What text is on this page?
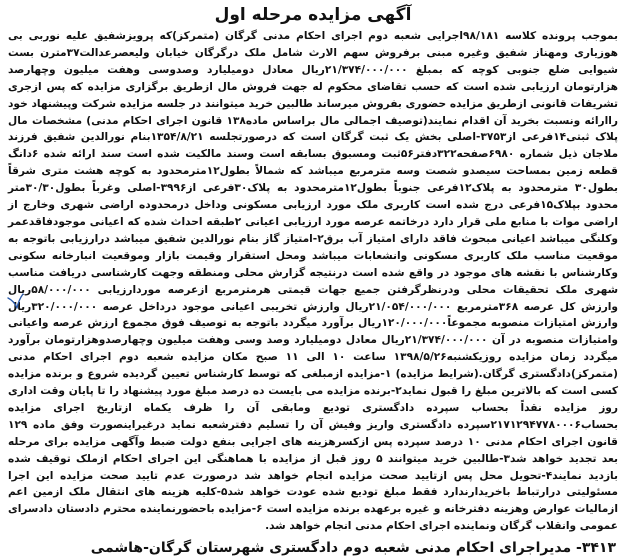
آگهی مزایده مرحله اول

بموجب پرونده کلاسه ۹۸/۱۸۱اجرایی شعبه دوم اجرای احکام مدنی گرگان (متمرکز)که پرویزشفیق علیه نوربی بی هوزیاری ومهناز شفیق وغیره مبنی برفروش سهم الارث شامل ملک درگرگان خیابان ولیعصرعدالت۳۷مترن بست شیوایی ضلع جنوبی کوچه که بمبلغ ۲۱/۳۷۴/۰۰۰/۰۰۰ریال معادل دومیلیارد وصدوسی وهفت میلیون وچهارصد هزارتومان ارزیابی شده است که حسب تقاضای محکوم له جهت فروش مال ازطریق برگزاری مزایده که پس ازجری تشریفات قانونی ازطریق مزایده حضوری بفروش میرساند طالبین خرید میتوانند در جلسه مزایده شرکت وپیشنهاد خود راارائه ونسبت بخرید آن اقدام نمایند(توصیف اجمالی مال براساس ماده۱۳۸ قانون اجرای احکام مدنی) مشخصات مال پلاک ثبتی۱۴فرعی از۳۷۵۳-اصلی بخش یک ثبت گرگان است که درصورتجلسه ۱۳۵۴/۸/۲۱بنام نورالدین شفیق فرزند ملاجان ذیل شماره ۶۹۸۰صفحه۳۲۲دفتر۵۶ثبت ومسبوق بسابقه است وسند مالکیت شده است سند ارائه شده ۶دانگ قطعه زمین بمساحت سیصدو شصت وسه مترمربع میباشد که شمالاً بطول۱۲مترمحدود به کوچه هشت متری شرقاً بطول۳۰ مترمحدود به پلاک۱۲فرعی جنوباً بطول۱۲مترمحدود به پلاک۳۰فرعی از۳۹۹۶-اصلی وغرباً بطول۳۰/۳۰متر محدود بپلاک۱۵فرعی درج شده است کاربری ملک مورد ارزیابی مسکونی وداخل درمحدوده اراضی شهری وخارج از اراضی موات با منابع ملی قرار دارد درخاتمه عرصه مورد ارزیابی اعیانی ۲طبقه احداث شده که اعیانی موجودفاقدعمر وکلنگی میباشد اعیانی مبحوث فاقد دارای امتیاز آب برق۲-امتیاز گاز بنام نورالدین شفیق میباشد درارزیابی باتوجه به موقعیت مناسب ملک کاربری مسکونی وانشعابات میباشد ومحل استقرار وقیمت بازار وموقعیت انبارخانه سکونی وکارشناس با نقشه های موجود در واقع شده است درنتیجه گزارش محلی ومنطقه وجهت کارشناسی دریافت مناسب شهری ملک تحقیقات محلی ودرنظرگرفتن جمیع جهات قیمتی هرمترمربع ازعرصه موردارزیابی ۵۸/۰۰۰/۰۰۰ریال وارزش کل عرصه ۳۶۸مترمربع ۲۱/۰۵۴/۰۰۰/۰۰۰ریال وارزش تخریبی اعیانی موجود درداخل عرصه ۳۲۰/۰۰۰/۰۰۰ریال وارزش امتیازات منصوبه مجموعاً۱۲۰/۰۰۰/۰۰۰ریال برآورد میگردد باتوجه به توصیف فوق مجموع ارزش عرصه واعیانی وامتیازات منصوبه در آن ۲۱/۳۷۴/۰۰۰/۰۰۰ریال معادل دومیلیارد وصد وسی وهفت میلیون وچهارصدوهزارتومان برآورد میگردد زمان مزایده روزیکشنبه۱۳۹۸/۵/۲۶ ساعت ۱۰ الی ۱۱ صبح مکان مزایده شعبه دوم اجرای احکام مدنی (متمرکز)دادگستری گرگان.(شرایط مزایده) ۱-مزایده ازمبلغی که توسط کارشناس تعیین گردیده شروع و برنده مزایده کسی است که بالاترین مبلغ را قبول نماید۲-برنده مزایده می بایست ده درصد مبلغ مورد پیشنهاد را تا پایان وقت اداری روز مزایده نقداً بحساب سپرده دادگستری تودیع ومابقی آن را ظرف یکماه ازتاریخ اجرای مزایده بحساب۲۱۷۱۲۹۴۷۷۸۰۰۰۶سپرده دادگستری واریز وفیش آن را تسلیم دفترشعبه نماید درغیراینصورت وفق ماده ۱۲۹ قانون اجرای احکام مدنی ۱۰ درصد سپرده پس ازکسرهزینه های اجرایی بنفع دولت ضبط وآگهی مزایده برای مرحله بعد تجدید خواهد شد۳-طالبین خرید میتوانند ۵ روز قبل از مزایده با هماهنگی این اجرای احکام ازملک توقیف شده بازدید نمایند۴-تحویل محل پس ازتایید صحت مزایده انجام خواهد شد درصورت عدم تایید صحت مزایده این اجرا مسئولیتی درارتباط باخریدارندارد فقط مبلغ تودیع شده عودت خواهد شد۵-کلیه هزینه های انتقال ملک ازمین اعم ازمالیات عوارض وهزینه دفترخانه و غیره برعهده برنده مزایده است ۶-مزایده باحضورنماینده محترم دادستان دادسرای عمومی وانقلاب گرگان ونماینده اجرای احکام مدنی انجام خواهد شد.

۳۴۱۳- مدیراجرای احکام مدنی شعبه دوم دادگستری شهرستان گرگان-هاشمی
